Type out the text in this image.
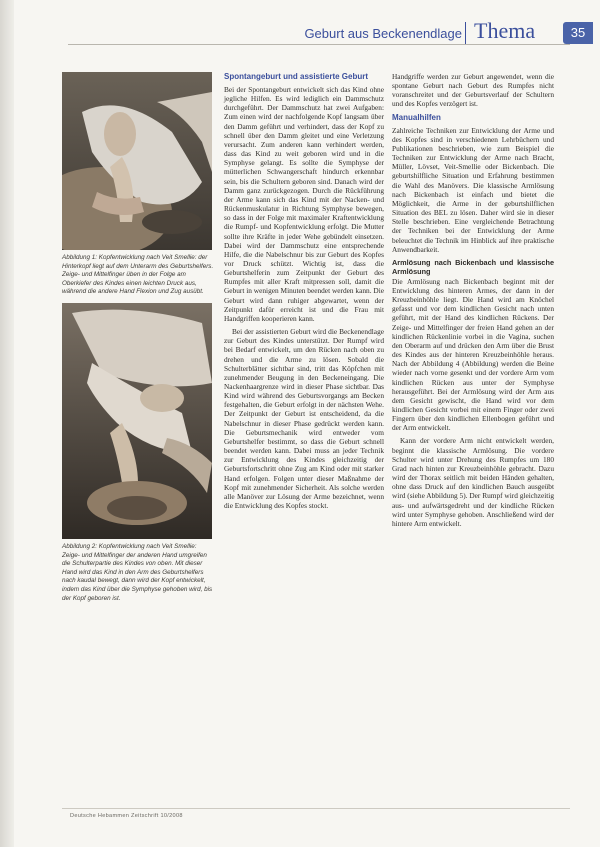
Geburt aus Beckenendlage Thema	35
Abbildung 1: Kopfentwicklung nach Veit Smellie: der Hinterkopf liegt auf dem Unterarm des Geburtshelfers. Zeige- und Mittelfinger üben in der Folge am Oberkiefer des Kindes einen leichten Druck aus, während die andere Hand Flexion und Zug ausübt.
Abbildung 2: Kopfentwicklung nach Veit Smellie: Zeige- und Mittelfinger der anderen Hand umgreifen die Schulterpartie des Kindes von oben. Mit dieser Hand wird das Kind in den Arm des Geburtshelfers nach kaudal bewegt, dann wird der Kopf entwickelt, indem das Kind über die Symphyse gehoben wird, bis der Kopf geboren ist.
Spontangeburt und assistierte Geburt

Bei der Spontangeburt entwickelt sich das Kind ohne jegliche Hilfen. Es wird lediglich ein Dammschutz durchgeführt. Der Dammschutz hat zwei Aufgaben: Zum einen wird der nachfolgende Kopf langsam über den Damm geführt und verhindert, dass der Kopf zu schnell über den Damm gleitet und eine Verletzung verursacht. Zum anderen kann verhindert werden, dass das Kind zu weit geboren wird und in die Symphyse gelangt. Es sollte die Symphyse der mütterlichen Schwangerschaft hindurch erkennbar sein, bis die Schultern geboren sind. Danach wird der Damm ganz zurückgezogen. Durch die Rückführung der Arme kann sich das Kind mit der Nacken- und Rückenmuskulatur in Richtung Symphyse bewegen, so dass in der Folge mit maximaler Kraftentwicklung die Rumpf- und Kopfentwicklung erfolgt. Die Mutter sollte ihre Kräfte in jeder Wehe gebündelt einsetzen. Dabei wird der Dammschutz eine entsprechende Hilfe, die die Nabelschnur bis zur Geburt des Kopfes vor Druck schützt. Wichtig ist, dass die Geburtshelferin zum Zeitpunkt der Geburt des Rumpfes mit aller Kraft mitpressen soll, damit die Geburt in wenigen Minuten beendet werden kann. Die Geburt wird dann ruhiger abgewartet, wenn der Zeitpunkt dafür erreicht ist und die Frau mit Handgriffen kooperieren kann.

Bei der assistierten Geburt wird die Beckenendlage zur Geburt des Kindes unterstützt. Der Rumpf wird bei Bedarf entwickelt, um den Rücken nach oben zu drehen und die Arme zu lösen. Sobald die Schulterblätter sichtbar sind, tritt das Köpfchen mit zunehmender Beugung in den Beckeneingang. Die Nackenhaargrenze wird in dieser Phase sichtbar. Das Kind wird während des Geburtsvorgangs am Becken festgehalten, die Geburt erfolgt in der nächsten Wehe. Der Zeitpunkt der Geburt ist entscheidend, da die Nabelschnur in dieser Phase gedrückt werden kann. Die Geburtsmechanik wird entweder vom Geburtshelfer bestimmt, so dass die Geburt schnell beendet werden kann. Dabei muss an jeder Technik zur Entwicklung des Kindes gleichzeitig der Geburtsfortschritt ohne Zug am Kind oder mit starker Hand erfolgen. Folgen unter dieser Maßnahme der Kopf mit zunehmender Sicherheit. Als solche werden alle Manöver zur Lösung der Arme bezeichnet, wenn die Entwicklung des Kopfes stockt.

Handgriffe werden zur Geburt angewendet, wenn die spontane Geburt nach Geburt des Rumpfes nicht voranschreitet und der Geburtsverlauf der Schultern und des Kopfes verzögert ist.

Manualhilfen

Zahlreiche Techniken zur Entwicklung der Arme und des Kopfes sind in verschiedenen Lehrbüchern und Publikationen beschrieben, wie zum Beispiel die Techniken zur Entwicklung der Arme nach Bracht, Müller, Lövset, Veit-Smellie oder Bickenbach. Die geburtshilfliche Situation und Erfahrung bestimmen die Wahl des Manövers. Die klassische Armlösung nach Bickenbach ist einfach und bietet die Möglichkeit, die Arme in der geburtshilflichen Situation des BEL zu lösen. Daher wird sie in dieser Stelle beschrieben. Eine vergleichende Betrachtung der Techniken bei der Entwicklung der Arme beleuchtet die Technik im Hinblick auf ihre praktische Anwendbarkeit.

Armlösung nach Bickenbach und klassische Armlösung

Die Armlösung nach Bickenbach beginnt mit der Entwicklung des hinteren Armes, der dann in der Kreuzbeinhöhle liegt. Die Hand wird am Knöchel gefasst und vor dem kindlichen Gesicht nach unten geführt, mit der Hand des kindlichen Rückens. Der Zeige- und Mittelfinger der freien Hand gehen an der kindlichen Rückenlinie vorbei in die Vagina, suchen den Oberarm auf und drücken den Arm über die Brust des Kindes aus der hinteren Kreuzbeinhöhle heraus. Nach der Abbildung 4 (Abbildung) werden die Beine wieder nach vorne gesenkt und der vordere Arm vom kindlichen Rücken aus unter der Symphyse herausgeführt. Bei der Armlösung wird der Arm aus dem Gesicht gewischt, die Hand wird vor dem kindlichen Gesicht vorbei mit einem Finger oder zwei Fingern über den kindlichen Ellenbogen geführt und der Arm entwickelt.

Kann der vordere Arm nicht entwickelt werden, beginnt die klassische Armlösung. Die vordere Schulter wird unter Drehung des Rumpfes um 180 Grad nach hinten zur Kreuzbeinhöhle gebracht. Dazu wird der Thorax seitlich mit beiden Händen gehalten, ohne dass Druck auf den kindlichen Bauch ausgeübt wird (siehe Abbildung 5). Der Rumpf wird gleichzeitig aus- und aufwärtsgedreht und der kindliche Rücken wird unter Symphyse gehoben. Anschließend wird der hintere Arm entwickelt.

Deutsche Hebammen Zeitschrift 10/2008
